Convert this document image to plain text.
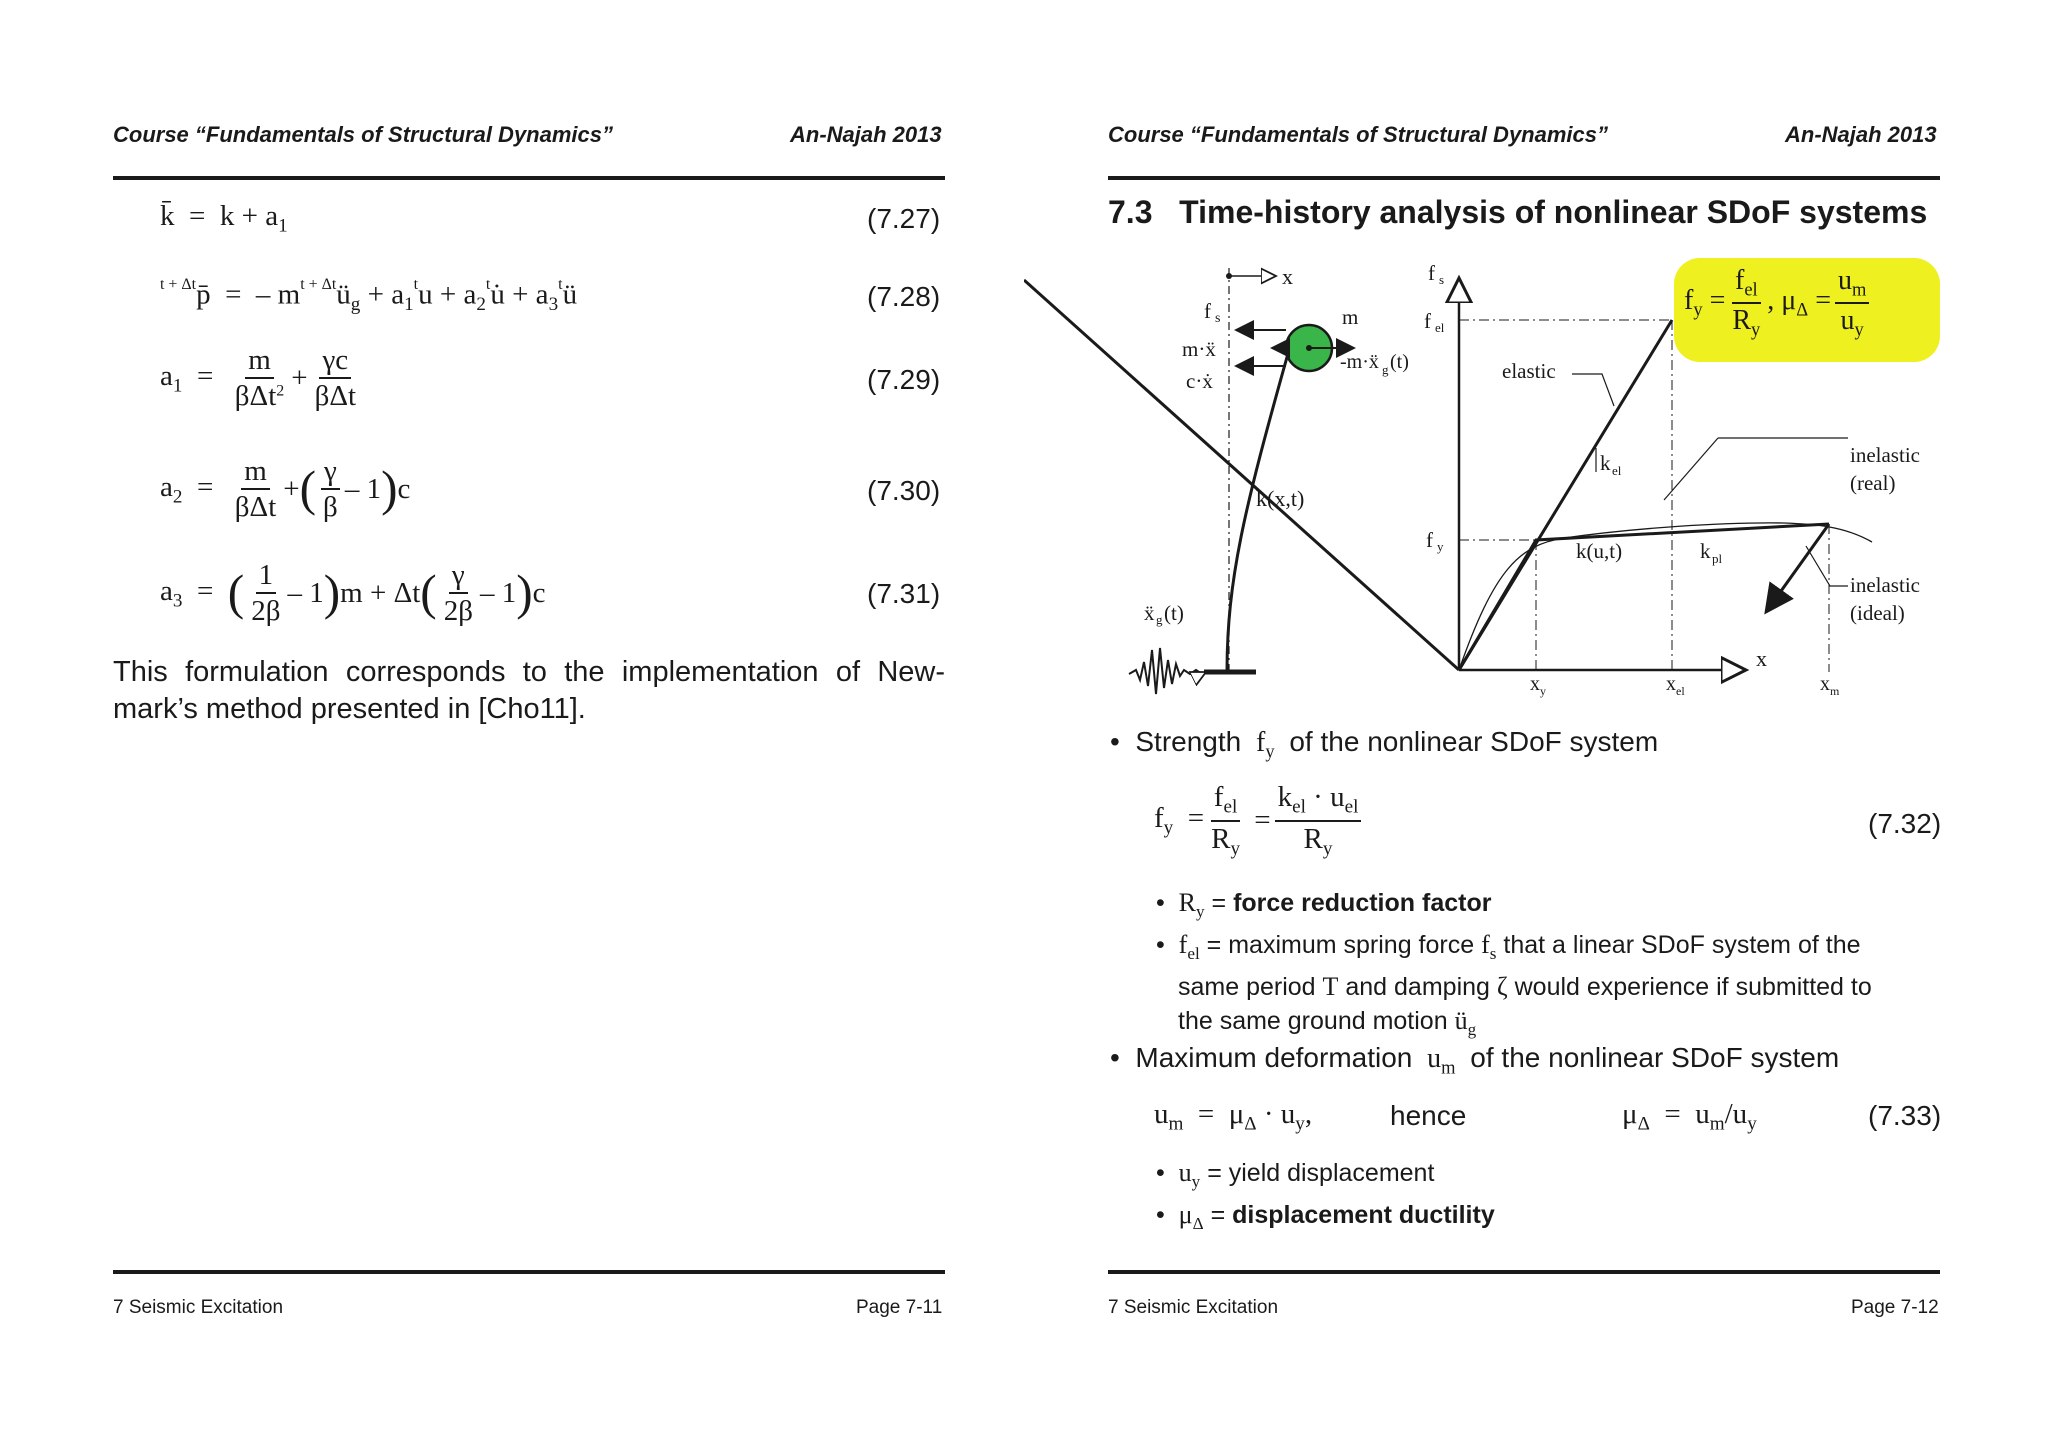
Course “Fundamentals of Structural Dynamics”	An-Najah 2013
k̄  =  $k + a_1$	(7.27)
$^{t + \Delta t}$p̄  =  – $m^{t + \Delta t}ü_g + a_1^tu$ + $a_2^tu̇$ + $a_3^tü$	(7.28)
$a_1 = \frac{m}{\beta\Delta t^2} + \frac{\gamma c}{\text{βΔt}}$	(7.29)
$a_2 = \frac{m}{\text{βΔt}}$ + ( $\frac{\gamma}{\beta} - 1$ ) c	(7.30)
$a_3$  = ( $\frac{1}{2\beta} - 1$ ) m + Δt ( $\frac{\gamma}{2\beta} - 1$ ) c	(7.31)
This formulation corresponds to the implementation of New-mark’s method presented in [Cho11].
7 Seismic Excitation	Page 7-11
Course “Fundamentals of Structural Dynamics”	An-Najah 2013
7.3   Time-history analysis of nonlinear SDoF systems
$f_y = \frac{f_{el}}{R_y}$ , $\mu_\Delta = \frac{u_m}{u_y}$
x
f s
m·ẍ
c·ẋ
m
-m·ẍ g (t)
k(x,t)
ẍ g (t)
f s
f el
f y
x
elastic
k el
k(u,t)	k pl
inelastic
(real)
inelastic
(ideal)
x y	x el	x m
•  Strength  $f_y$ of the nonlinear SDoF system
$f_y = \frac{f_{el}}{R_y} = \frac{k_{el} \cdot u_{el}}{R_y}$	(7.32)
•  $R_y$ = force reduction factor
•  $f_{el}$ = maximum spring force $f_s$ that a linear SDoF system of the
same period T and damping ζ would experience if submitted to
the same ground motion $ü_g$
•  Maximum deformation  $u_m$ of the nonlinear SDoF system
$u_m = \mu_\Delta \cdot u_y$,	hence	$\mu_\Delta = u_m/u_y$	(7.33)
•  $u_y$ = yield displacement
•  $\mu_\Delta$ = displacement ductility
7 Seismic Excitation	Page 7-12
